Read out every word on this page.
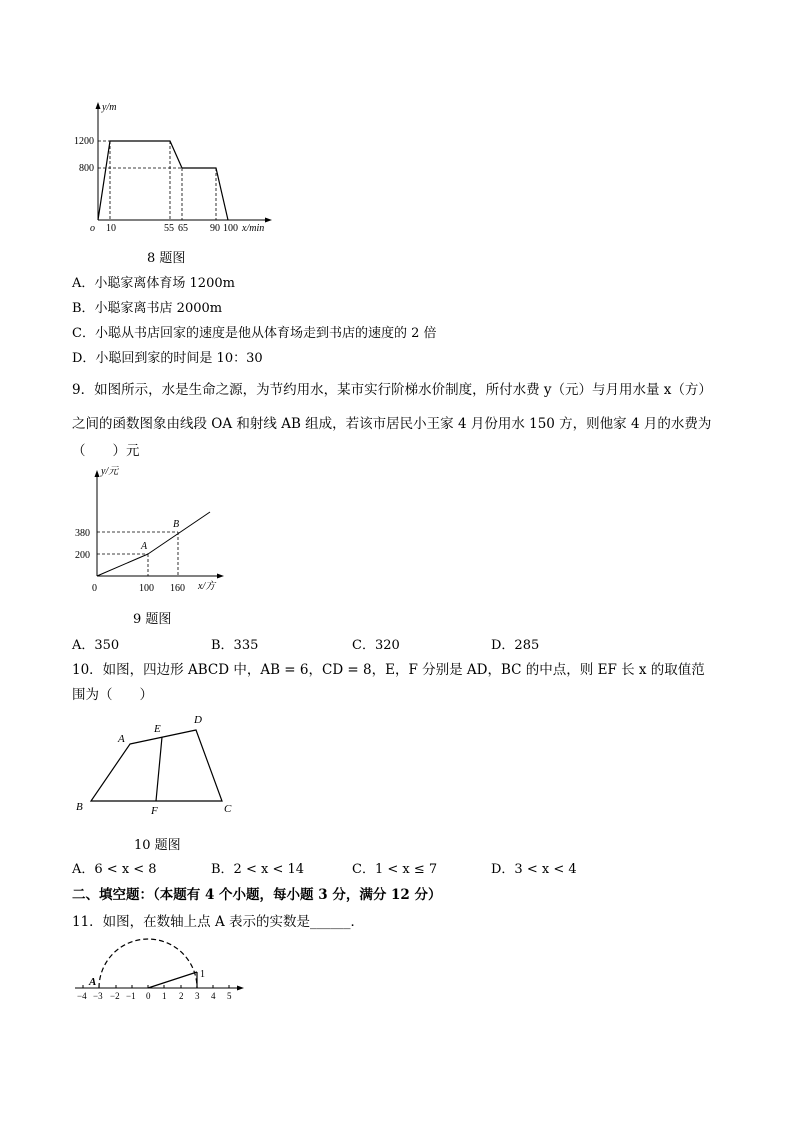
y/m
x/min
o
1200
800
10	55 65 90 100
8 题图
A．小聪家离体育场 1200m
B．小聪家离书店 2000m
C．小聪从书店回家的速度是他从体育场走到书店的速度的 2 倍
D．小聪回到家的时间是 10：30
9．如图所示，水是生命之源，为节约用水，某市实行阶梯水价制度，所付水费 y（元）与月用水量 x（方）
之间的函数图象由线段 OA 和射线 AB 组成，若该市居民小王家 4 月份用水 150 方，则他家 4 月的水费为
（　　）元
y/元
x/方
0
380
200
100 160
A
B
9 题图
A．350	B．335	C．320	D．285
10．如图，四边形 ABCD 中，AB = 6，CD = 8，E，F 分别是 AD，BC 的中点，则 EF 长 x 的取值范
围为（　　）
A
E
D
B	F	C
10 题图
A．6 < x < 8	B．2 < x < 14	C．1 < x ≤ 7	D．3 < x < 4
二、填空题：（本题有 4 个小题，每小题 3 分，满分 12 分）
11．如图，在数轴上点 A 表示的实数是______．
A
1
−4 −3 −2 −1 0 1 2 3 4 5
